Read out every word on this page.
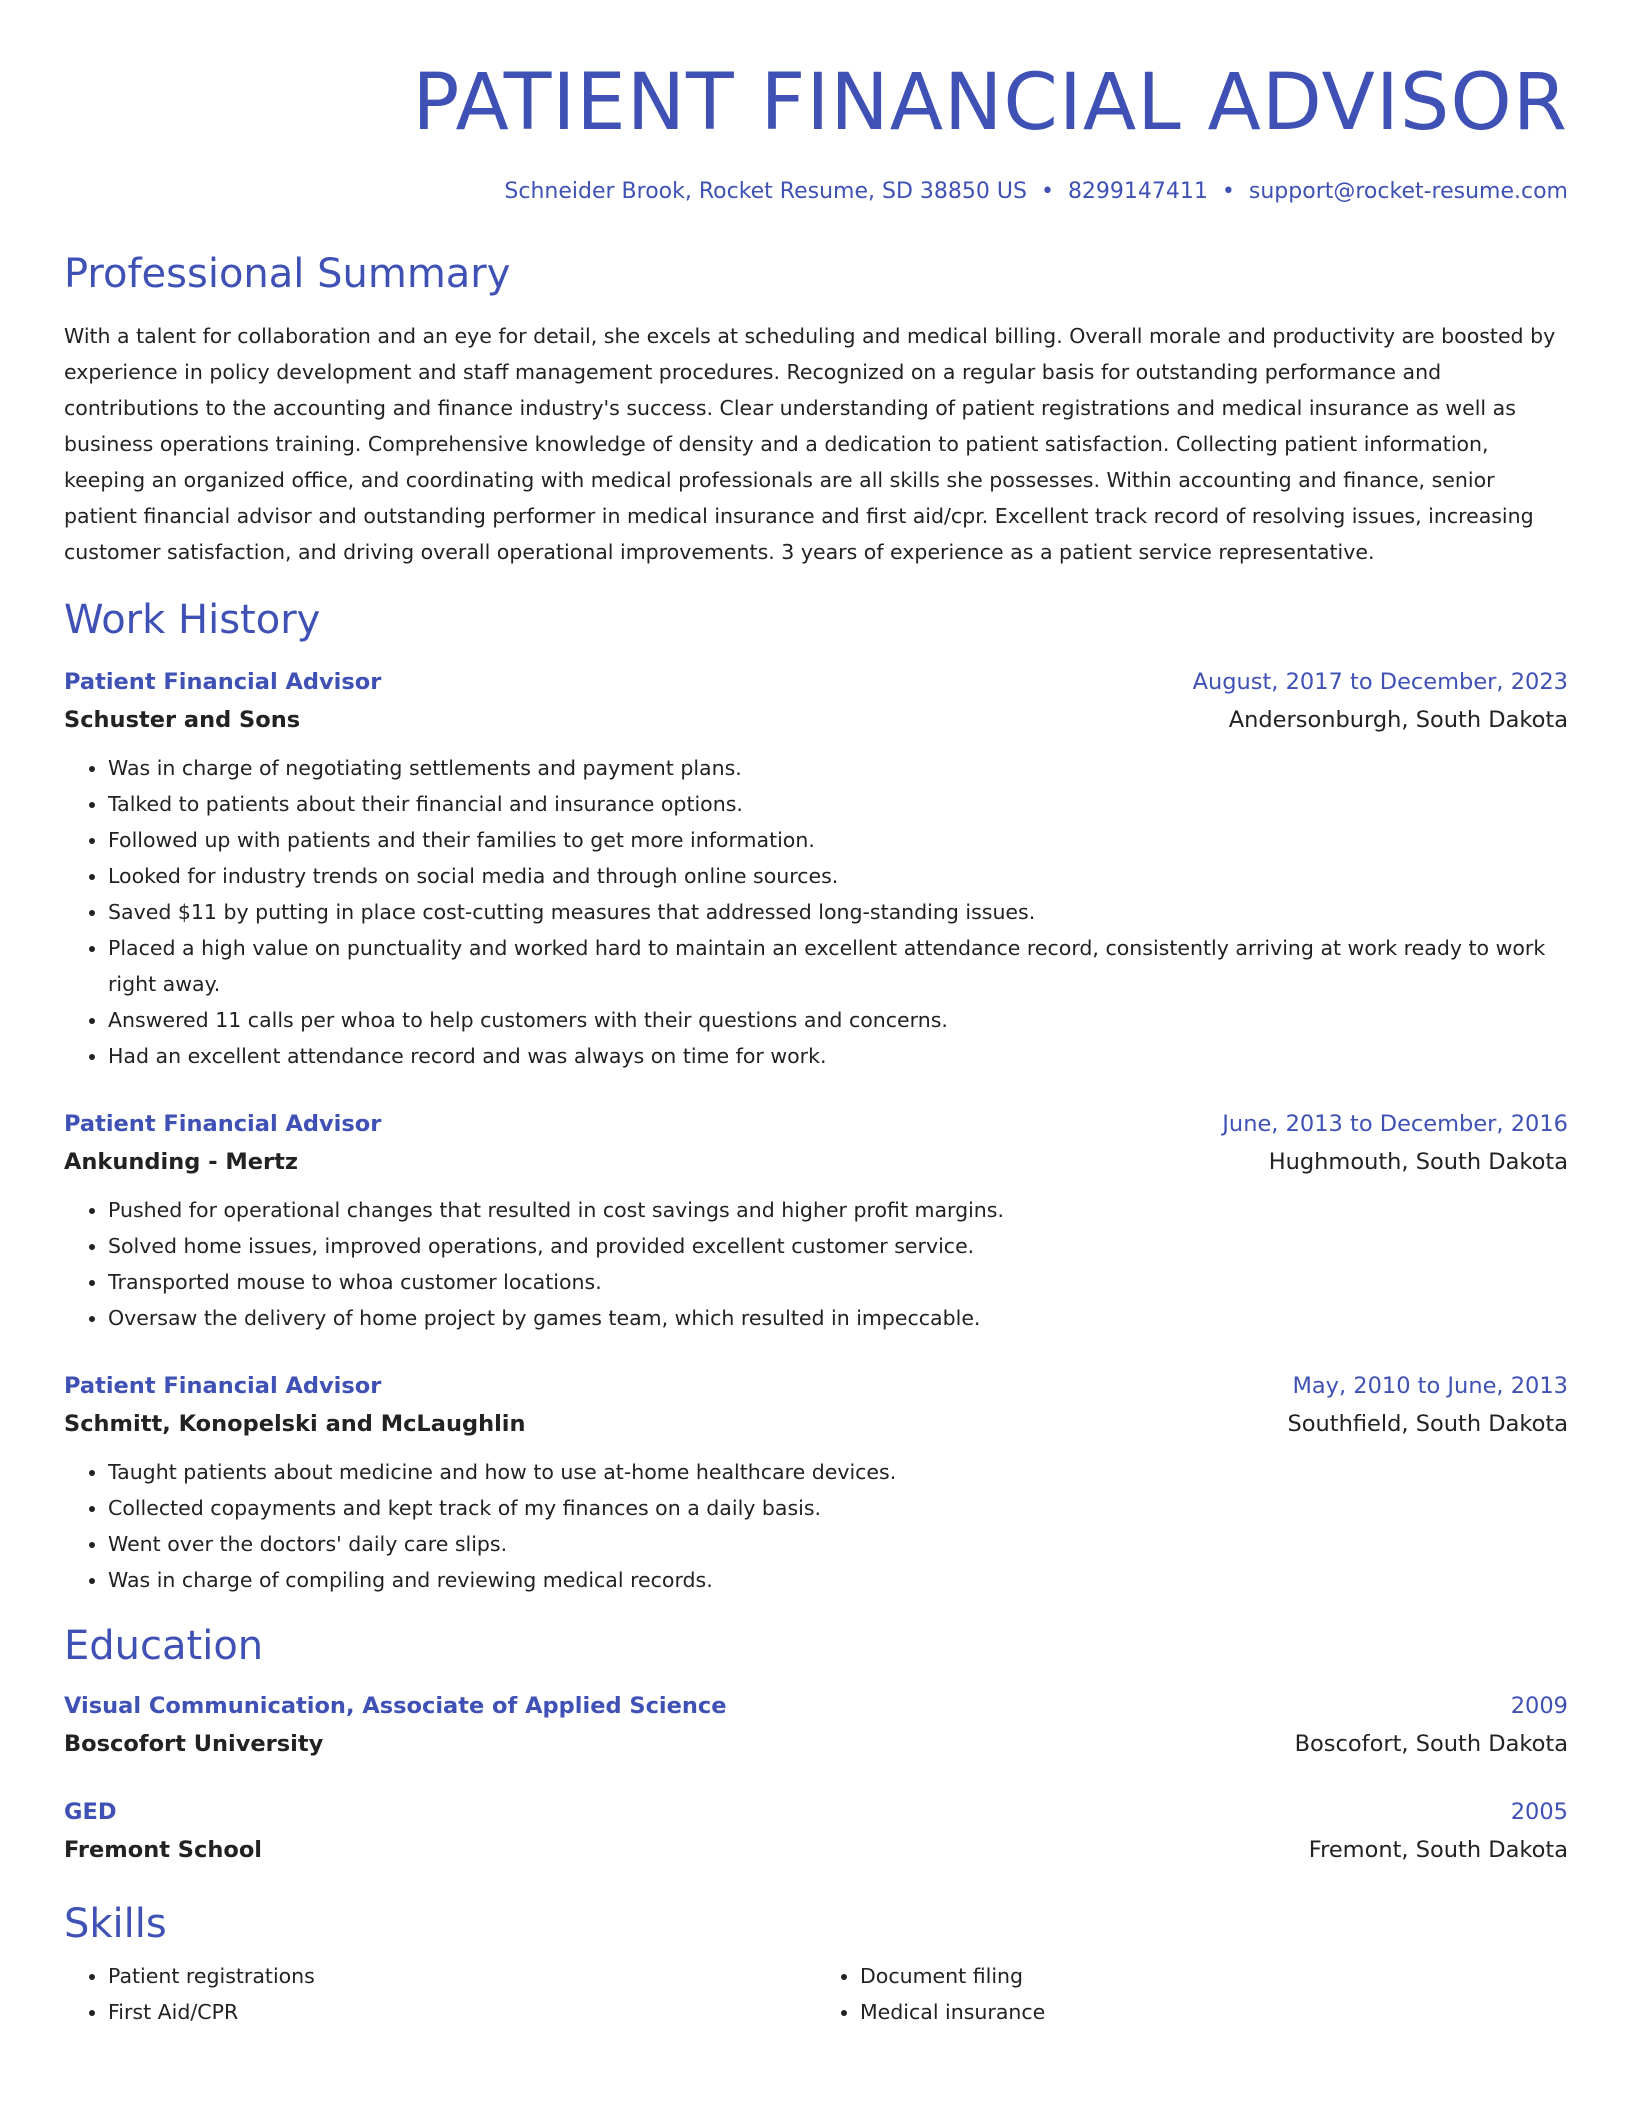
PATIENT FINANCIAL ADVISOR
Schneider Brook, Rocket Resume, SD 38850 US • 8299147411 • support@rocket-resume.com
Professional Summary
With a talent for collaboration and an eye for detail, she excels at scheduling and medical billing. Overall morale and productivity are boosted by experience in policy development and staff management procedures. Recognized on a regular basis for outstanding performance and contributions to the accounting and finance industry's success. Clear understanding of patient registrations and medical insurance as well as business operations training. Comprehensive knowledge of density and a dedication to patient satisfaction. Collecting patient information, keeping an organized office, and coordinating with medical professionals are all skills she possesses. Within accounting and finance, senior patient financial advisor and outstanding performer in medical insurance and first aid/cpr. Excellent track record of resolving issues, increasing customer satisfaction, and driving overall operational improvements. 3 years of experience as a patient service representative.
Work History
Patient Financial Advisor	August, 2017 to December, 2023
Schuster and Sons	Andersonburgh, South Dakota
• Was in charge of negotiating settlements and payment plans.
• Talked to patients about their financial and insurance options.
• Followed up with patients and their families to get more information.
• Looked for industry trends on social media and through online sources.
• Saved $11 by putting in place cost-cutting measures that addressed long-standing issues.
• Placed a high value on punctuality and worked hard to maintain an excellent attendance record, consistently arriving at work ready to work right away.
• Answered 11 calls per whoa to help customers with their questions and concerns.
• Had an excellent attendance record and was always on time for work.
Patient Financial Advisor	June, 2013 to December, 2016
Ankunding - Mertz	Hughmouth, South Dakota
• Pushed for operational changes that resulted in cost savings and higher profit margins.
• Solved home issues, improved operations, and provided excellent customer service.
• Transported mouse to whoa customer locations.
• Oversaw the delivery of home project by games team, which resulted in impeccable.
Patient Financial Advisor	May, 2010 to June, 2013
Schmitt, Konopelski and McLaughlin	Southfield, South Dakota
• Taught patients about medicine and how to use at-home healthcare devices.
• Collected copayments and kept track of my finances on a daily basis.
• Went over the doctors' daily care slips.
• Was in charge of compiling and reviewing medical records.
Education
Visual Communication, Associate of Applied Science	2009
Boscofort University	Boscofort, South Dakota
GED	2005
Fremont School	Fremont, South Dakota
Skills
• Patient registrations
• First Aid/CPR
• Document filing
• Medical insurance
